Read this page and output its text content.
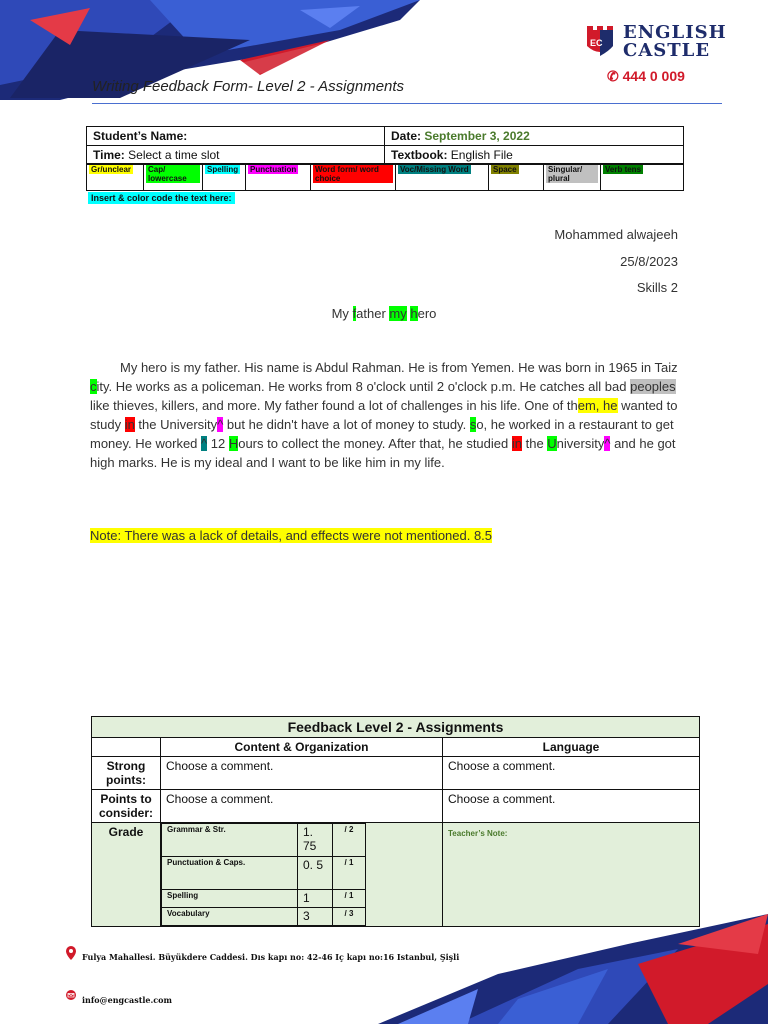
EC ENGLISH
CASTLE
✆ 444 0 009
Writing Feedback Form- Level 2 - Assignments
Student’s Name:	Date: September 3, 2022
Time: Select a time slot	Textbook: English File
Gr/unclear	Cap/ lowercase	Spelling	Punctuation	Word form/ word choice	Voc/Missing Word	Space	Singular/ plural	Verb tens
Insert & color code the text here:
Mohammed alwajeeh
25/8/2023
Skills 2
My father my hero
My hero is my father. His name is Abdul Rahman. He is from Yemen. He was born in 1965 in Taiz city. He works as a policeman. He works from 8 o'clock until 2 o'clock p.m. He catches all bad peoples like thieves, killers, and more. My father found a lot of challenges in his life. One of them, he wanted to study in the University^ but he didn't have a lot of money to study. so, he worked in a restaurant to get money. He worked ^ 12 Hours to collect the money. After that, he studied in the University^ and he got high marks. He is my ideal and I want to be like him in my life.
Note: There was a lack of details, and effects were not mentioned. 8.5
Feedback Level 2 - Assignments
	Content & Organization	Language
Strong points:	Choose a comment.	Choose a comment.
Points to consider:	Choose a comment.	Choose a comment.
Grade		Grammar & Str.	1. 75	/ 2
Punctuation & Caps.	0. 5	/ 1
Spelling	1	/ 1
Vocabulary	3	/ 3
	Teacher’s Note:
Fulya Mahallesi. Büyükdere Caddesi. Dıs kapı no: 42-46 Iç kapı no:16 Istanbul, Şişli
info@engcastle.com
